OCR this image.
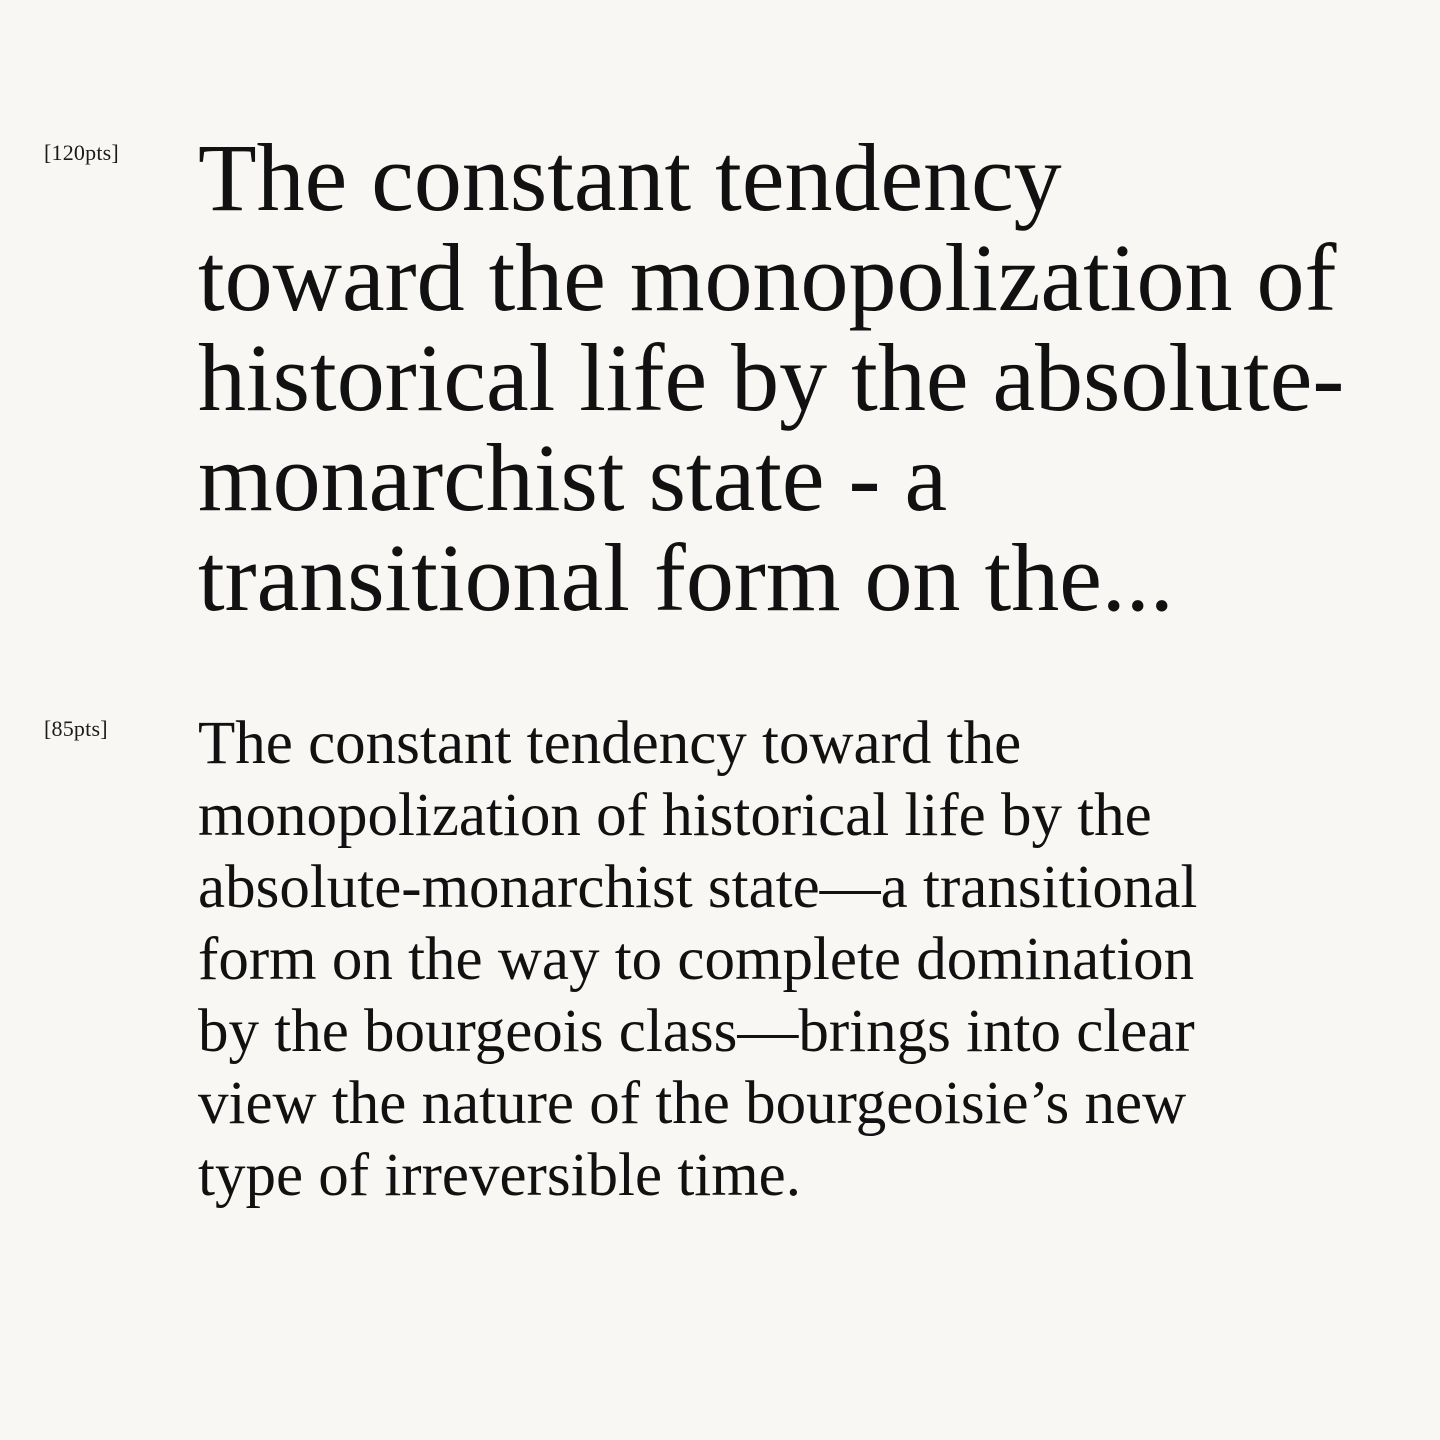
[120pts] The constant tendency
toward the monopolization of
historical life by the absolute-
monarchist state - a
transitional form on the...

[85pts] The constant tendency toward the
monopolization of historical life by the
absolute-monarchist state—a transitional
form on the way to complete domination
by the bourgeois class—brings into clear
view the nature of the bourgeoisie’s new
type of irreversible time.
